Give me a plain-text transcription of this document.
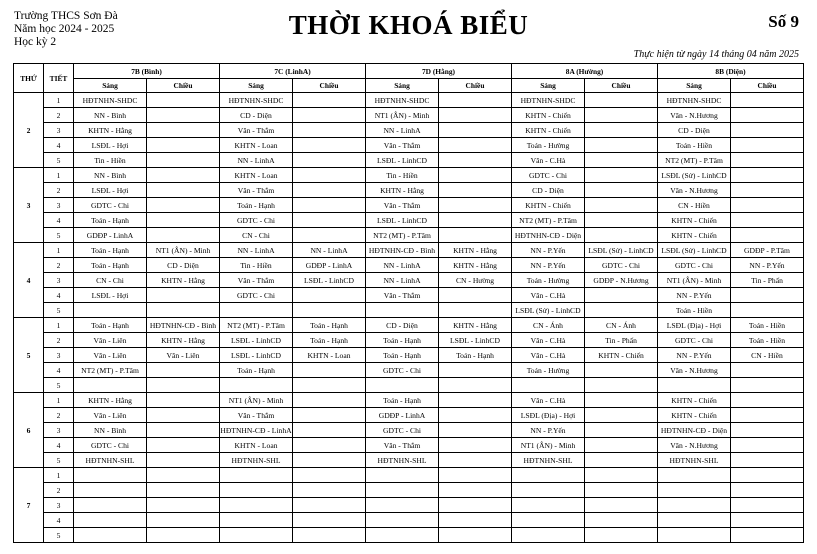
Trường THCS Sơn Đà
Năm học 2024 - 2025
Học kỳ 2
THỜI KHOÁ BIỂU	Số 9
Thực hiện từ ngày 14 tháng 04 năm 2025
THỨ	TIẾT	7B (Bình)		7C (LinhA)		7D (Hằng)		8A (Hường)		8B (Diện)	
		Sáng	Chiều	Sáng	Chiều	Sáng	Chiều	Sáng	Chiều	Sáng	Chiều
2	1	HĐTNHN-SHDC		HĐTNHN-SHDC		HĐTNHN-SHDC		HĐTNHN-SHDC		HĐTNHN-SHDC	
	2	NN - Bình		CD - Diện		NT1 (ÂN) - Minh		KHTN - Chiến		Văn - N.Hương	
	3	KHTN - Hằng		Văn - Thắm		NN - LinhA		KHTN - Chiến		CD - Diện	
	4	LSĐL - Hợi		KHTN - Loan		Văn - Thắm		Toán - Hường		Toán - Hiền	
	5	Tin - Hiền		NN - LinhA		LSĐL - LinhCD		Văn - C.Hà		NT2 (MT) - P.Tâm	
3	1	NN - Bình		KHTN - Loan		Tin - Hiền		GDTC - Chi		LSĐL (Sử) - LinhCD	
	2	LSĐL - Hợi		Văn - Thắm		KHTN - Hằng		CD - Diện		Văn - N.Hương	
	3	GDTC - Chi		Toán - Hạnh		Văn - Thắm		KHTN - Chiến		CN - Hiền	
	4	Toán - Hạnh		GDTC - Chi		LSĐL - LinhCD		NT2 (MT) - P.Tâm		KHTN - Chiến	
	5	GDĐP - LinhA		CN - Chi		NT2 (MT) - P.Tâm		HĐTNHN-CĐ - Diện		KHTN - Chiến	
4	1	Toán - Hạnh	NT1 (ÂN) - Minh	NN - LinhA	NN - LinhA	HĐTNHN-CĐ - Bình	KHTN - Hằng	NN - P.Yến	LSĐL (Sử) - LinhCD	LSĐL (Sử) - LinhCD	GDĐP - P.Tâm
	2	Toán - Hạnh	CD - Diện	Tin - Hiền	GDĐP - LinhA	NN - LinhA	KHTN - Hằng	NN - P.Yến	GDTC - Chi	GDTC - Chi	NN - P.Yến
	3	CN - Chi	KHTN - Hằng	Văn - Thắm	LSĐL - LinhCD	NN - LinhA	CN - Hường	Toán - Hường	GDĐP - N.Hương	NT1 (ÂN) - Minh	Tin - Phấn
	4	LSĐL - Hợi		GDTC - Chi		Văn - Thắm		Văn - C.Hà		NN - P.Yến	
	5							LSĐL (Sử) - LinhCD		Toán - Hiền	
5	1	Toán - Hạnh	HĐTNHN-CĐ - Bình	NT2 (MT) - P.Tâm	Toán - Hạnh	CD - Diện	KHTN - Hằng	CN - Ánh	CN - Ánh	LSĐL (Địa) - Hợi	Toán - Hiền
	2	Văn - Liên	KHTN - Hằng	LSĐL - LinhCD	Toán - Hạnh	Toán - Hạnh	LSĐL - LinhCD	Văn - C.Hà	Tin - Phấn	GDTC - Chi	Toán - Hiền
	3	Văn - Liên	Văn - Liên	LSĐL - LinhCD	KHTN - Loan	Toán - Hạnh	Toán - Hạnh	Văn - C.Hà	KHTN - Chiến	NN - P.Yến	CN - Hiền
	4	NT2 (MT) - P.Tâm		Toán - Hạnh		GDTC - Chi		Toán - Hường		Văn - N.Hương	
	5										
6	1	KHTN - Hằng		NT1 (ÂN) - Minh		Toán - Hạnh		Văn - C.Hà		KHTN - Chiến	
	2	Văn - Liên		Văn - Thắm		GDĐP - LinhA		LSĐL (Địa) - Hợi		KHTN - Chiến	
	3	NN - Bình		HĐTNHN-CĐ - LinhA		GDTC - Chi		NN - P.Yến		HĐTNHN-CĐ - Diện	
	4	GDTC - Chi		KHTN - Loan		Văn - Thắm		NT1 (ÂN) - Minh		Văn - N.Hương	
	5	HĐTNHN-SHL		HĐTNHN-SHL		HĐTNHN-SHL		HĐTNHN-SHL		HĐTNHN-SHL	
7	1										
	2										
	3										
	4										
	5										
